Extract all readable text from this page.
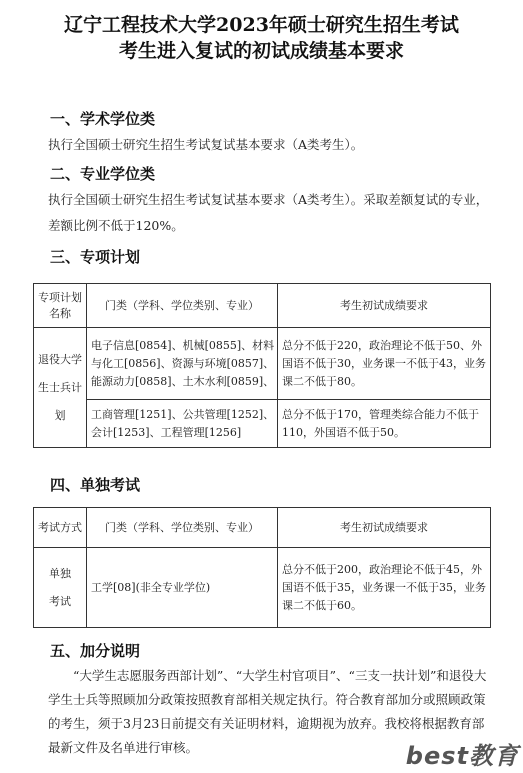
辽宁工程技术大学2023年硕士研究生招生考试
考生进入复试的初试成绩基本要求
一、学术学位类
执行全国硕士研究生招生考试复试基本要求（A类考生）。
二、专业学位类
执行全国硕士研究生招生考试复试基本要求（A类考生）。采取差额复试的专业，差额比例不低于120%。
三、专项计划
专项计划名称	门类（学科、学位类别、专业）	考生初试成绩要求
退役大学生士兵计划	电子信息[0854]、机械[0855]、材料与化工[0856]、资源与环境[0857]、能源动力[0858]、土木水利[0859]、	总分不低于220，政治理论不低于50、外国语不低于30，业务课一不低于43，业务课二不低于80。
	工商管理[1251]、公共管理[1252]、会计[1253]、工程管理[1256]	总分不低于170，管理类综合能力不低于110，外国语不低于50。
四、单独考试
考试方式	门类（学科、学位类别、专业）	考生初试成绩要求
单独考试	工学[08](非全专业学位)	总分不低于200，政治理论不低于45，外国语不低于35，业务课一不低于35，业务课二不低于60。
五、加分说明
“大学生志愿服务西部计划”、“大学生村官项目”、“三支一扶计划”和退役大学生士兵等照顾加分政策按照教育部相关规定执行。符合教育部加分或照顾政策的考生，须于3月23日前提交有关证明材料，逾期视为放弃。我校将根据教育部最新文件及名单进行审核。	best教育
